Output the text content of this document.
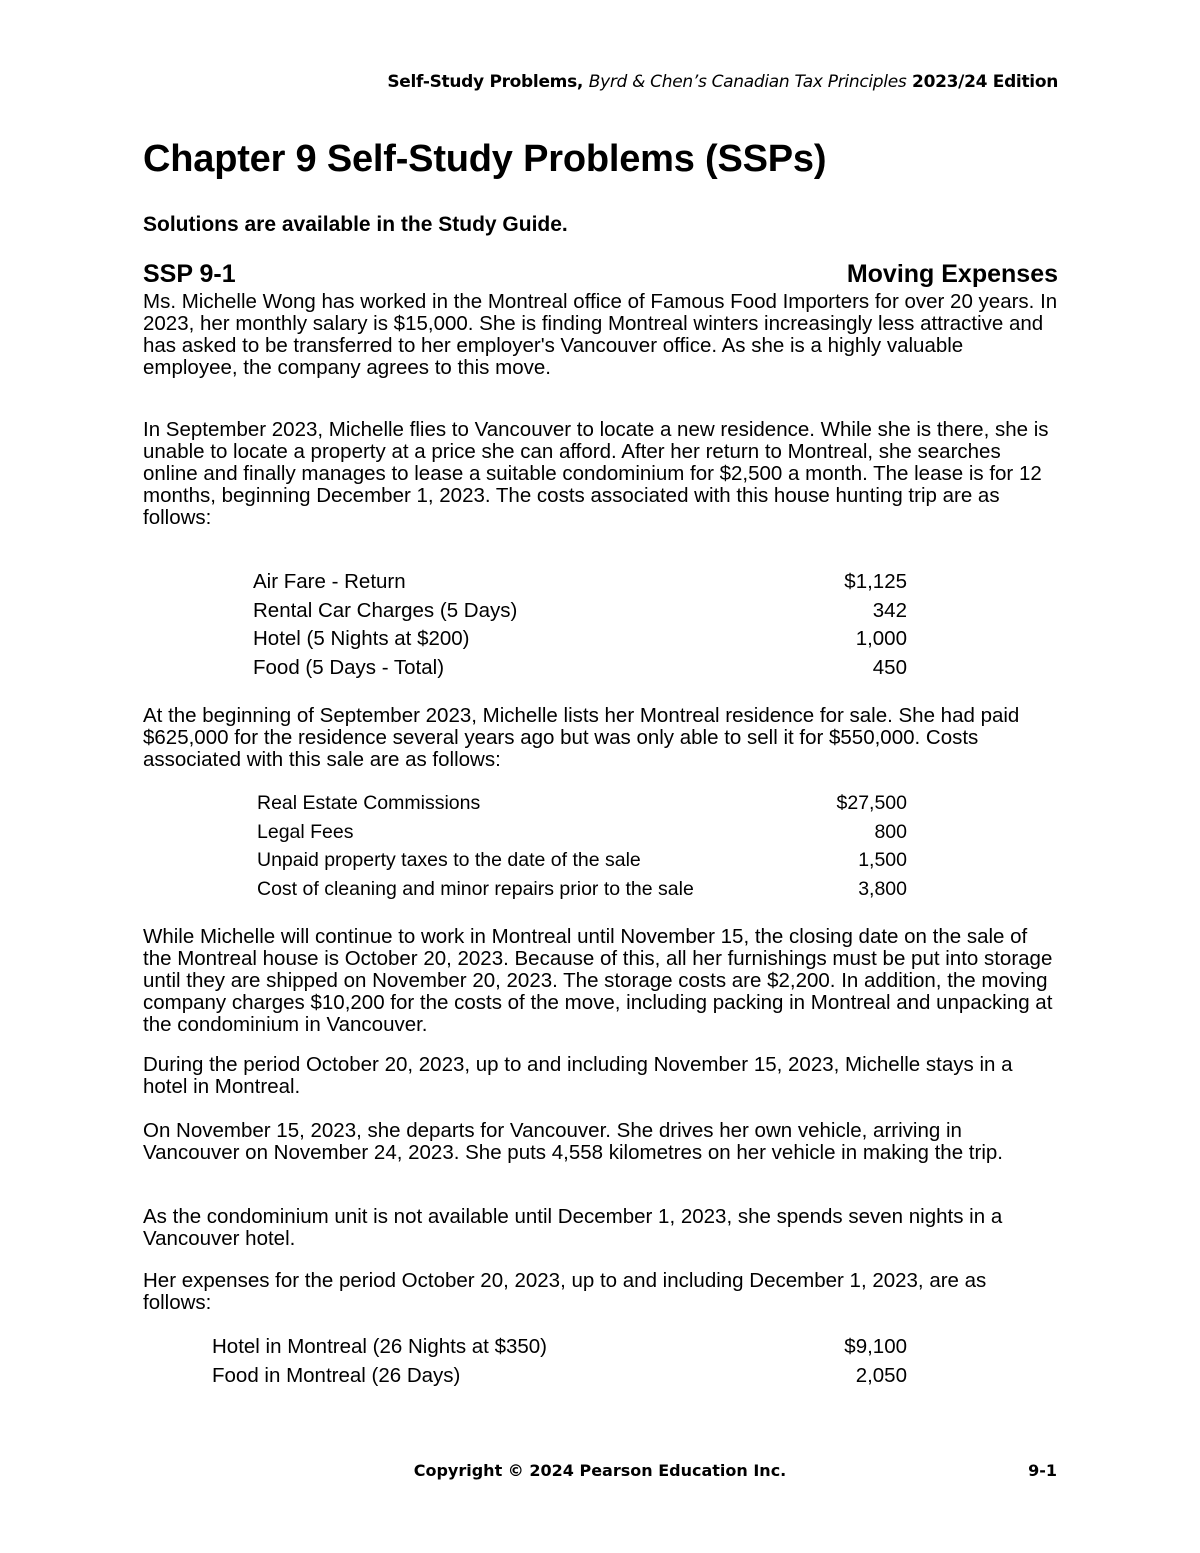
Self-Study Problems, Byrd & Chen’s Canadian Tax Principles 2023/24 Edition
Chapter 9 Self-Study Problems (SSPs)

Solutions are available in the Study Guide.

SSP 9-1	Moving Expenses

Ms. Michelle Wong has worked in the Montreal office of Famous Food Importers for over 20 years. In 2023, her monthly salary is $15,000. She is finding Montreal winters increasingly less attractive and has asked to be transferred to her employer's Vancouver office. As she is a highly valuable employee, the company agrees to this move.

In September 2023, Michelle flies to Vancouver to locate a new residence. While she is there, she is unable to locate a property at a price she can afford. After her return to Montreal, she searches online and finally manages to lease a suitable condominium for $2,500 a month. The lease is for 12 months, beginning December 1, 2023. The costs associated with this house hunting trip are as follows:

Air Fare - Return	$1,125
Rental Car Charges (5 Days)	342
Hotel (5 Nights at $200)	1,000
Food (5 Days - Total)	450

At the beginning of September 2023, Michelle lists her Montreal residence for sale. She had paid $625,000 for the residence several years ago but was only able to sell it for $550,000. Costs associated with this sale are as follows:

Real Estate Commissions	$27,500
Legal Fees	800
Unpaid property taxes to the date of the sale	1,500
Cost of cleaning and minor repairs prior to the sale	3,800

While Michelle will continue to work in Montreal until November 15, the closing date on the sale of the Montreal house is October 20, 2023. Because of this, all her furnishings must be put into storage until they are shipped on November 20, 2023. The storage costs are $2,200. In addition, the moving company charges $10,200 for the costs of the move, including packing in Montreal and unpacking at the condominium in Vancouver.

During the period October 20, 2023, up to and including November 15, 2023, Michelle stays in a hotel in Montreal.

On November 15, 2023, she departs for Vancouver. She drives her own vehicle, arriving in Vancouver on November 24, 2023. She puts 4,558 kilometres on her vehicle in making the trip.

As the condominium unit is not available until December 1, 2023, she spends seven nights in a Vancouver hotel.

Her expenses for the period October 20, 2023, up to and including December 1, 2023, are as follows:

Hotel in Montreal (26 Nights at $350)	$9,100
Food in Montreal (26 Days)	2,050
Copyright © 2024 Pearson Education Inc.	9-1
